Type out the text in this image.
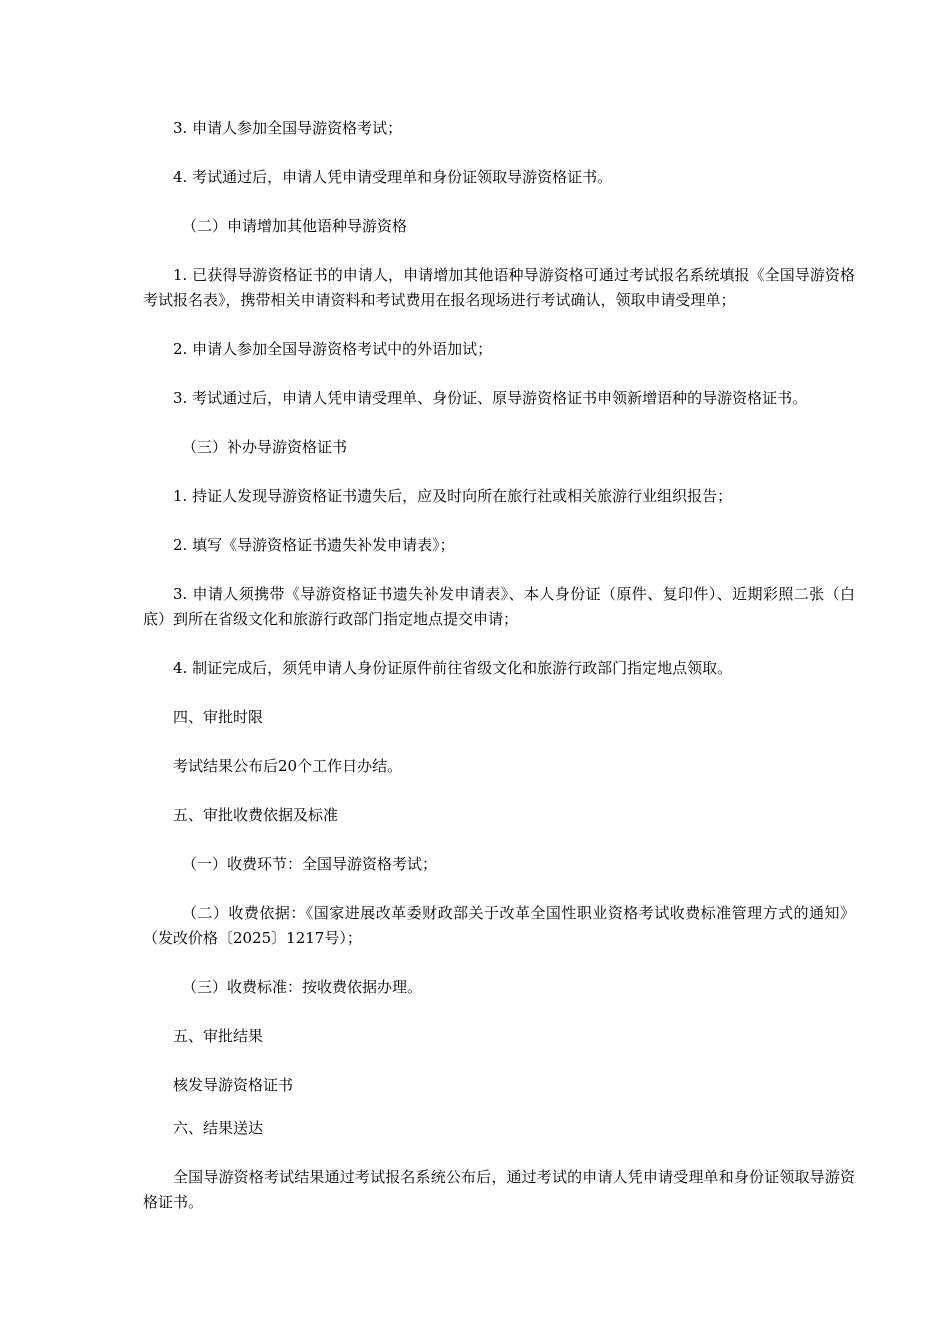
3. 申请人参加全国导游资格考试；

4. 考试通过后，申请人凭申请受理单和身份证领取导游资格证书。

（二）申请增加其他语种导游资格

1. 已获得导游资格证书的申请人，申请增加其他语种导游资格可通过考试报名系统填报《全国导游资格考试报名表》，携带相关申请资料和考试费用在报名现场进行考试确认，领取申请受理单；

2. 申请人参加全国导游资格考试中的外语加试；

3. 考试通过后，申请人凭申请受理单、身份证、原导游资格证书申领新增语种的导游资格证书。

（三）补办导游资格证书

1. 持证人发现导游资格证书遗失后，应及时向所在旅行社或相关旅游行业组织报告；

2. 填写《导游资格证书遗失补发申请表》；

3. 申请人须携带《导游资格证书遗失补发申请表》、本人身份证（原件、复印件）、近期彩照二张（白底）到所在省级文化和旅游行政部门指定地点提交申请；

4. 制证完成后，须凭申请人身份证原件前往省级文化和旅游行政部门指定地点领取。

四、审批时限

考试结果公布后20个工作日办结。

五、审批收费依据及标准

（一）收费环节：全国导游资格考试；

（二）收费依据：《国家进展改革委财政部关于改革全国性职业资格考试收费标准管理方式的通知》（发改价格〔2025〕1217号）；

（三）收费标准：按收费依据办理。

五、审批结果

核发导游资格证书

六、结果送达

全国导游资格考试结果通过考试报名系统公布后，通过考试的申请人凭申请受理单和身份证领取导游资格证书。
